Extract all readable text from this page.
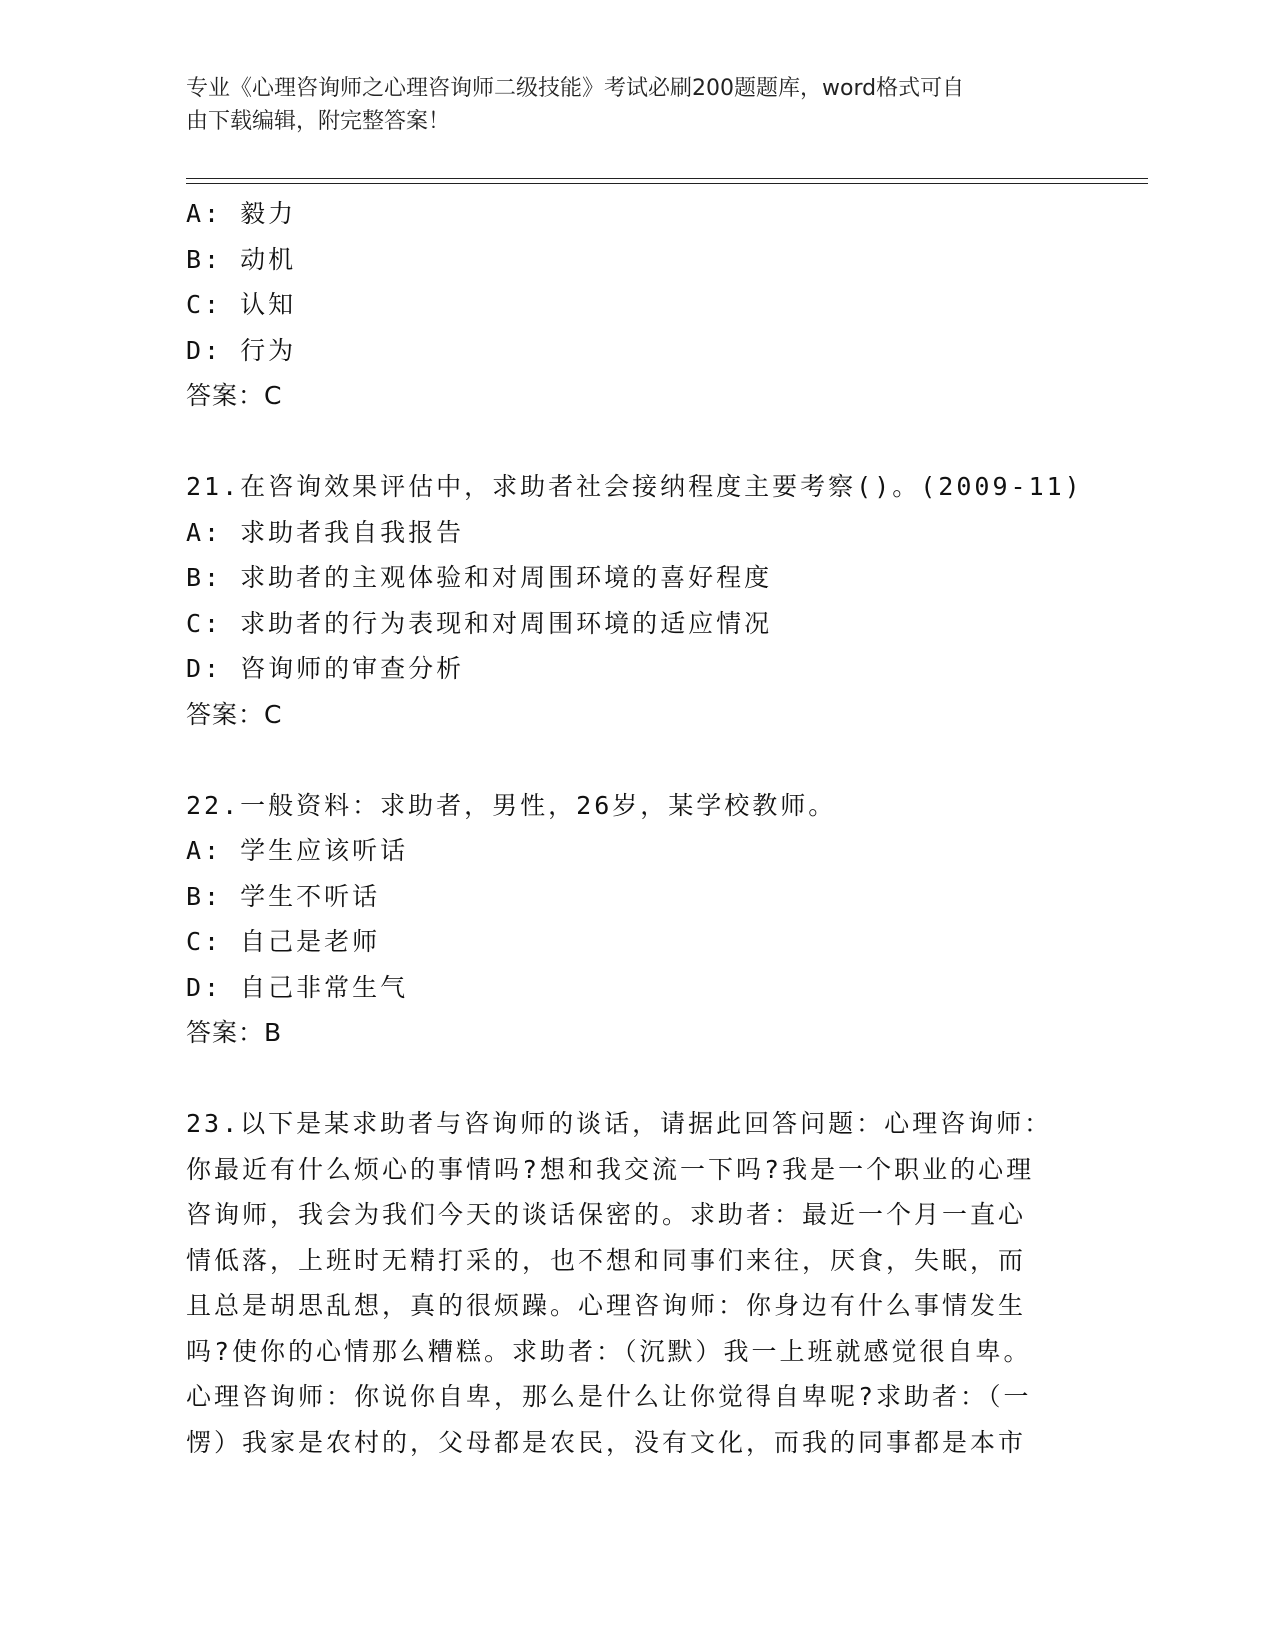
专业《心理咨询师之心理咨询师二级技能》考试必刷200题题库，word格式可自
由下载编辑，附完整答案！
A: 毅力
B: 动机
C: 认知
D: 行为
答案：C
21.在咨询效果评估中，求助者社会接纳程度主要考察()。(2009-11)
A: 求助者我自我报告
B: 求助者的主观体验和对周围环境的喜好程度
C: 求助者的行为表现和对周围环境的适应情况
D: 咨询师的审查分析
答案：C
22.一般资料：求助者，男性，26岁，某学校教师。
A: 学生应该听话
B: 学生不听话
C: 自己是老师
D: 自己非常生气
答案：B
23.以下是某求助者与咨询师的谈话，请据此回答问题：心理咨询师：
你最近有什么烦心的事情吗?想和我交流一下吗?我是一个职业的心理
咨询师，我会为我们今天的谈话保密的。求助者：最近一个月一直心
情低落，上班时无精打采的，也不想和同事们来往，厌食，失眠，而
且总是胡思乱想，真的很烦躁。心理咨询师：你身边有什么事情发生
吗?使你的心情那么糟糕。求助者：（沉默）我一上班就感觉很自卑。
心理咨询师：你说你自卑，那么是什么让你觉得自卑呢?求助者：（一
愣）我家是农村的，父母都是农民，没有文化，而我的同事都是本市
